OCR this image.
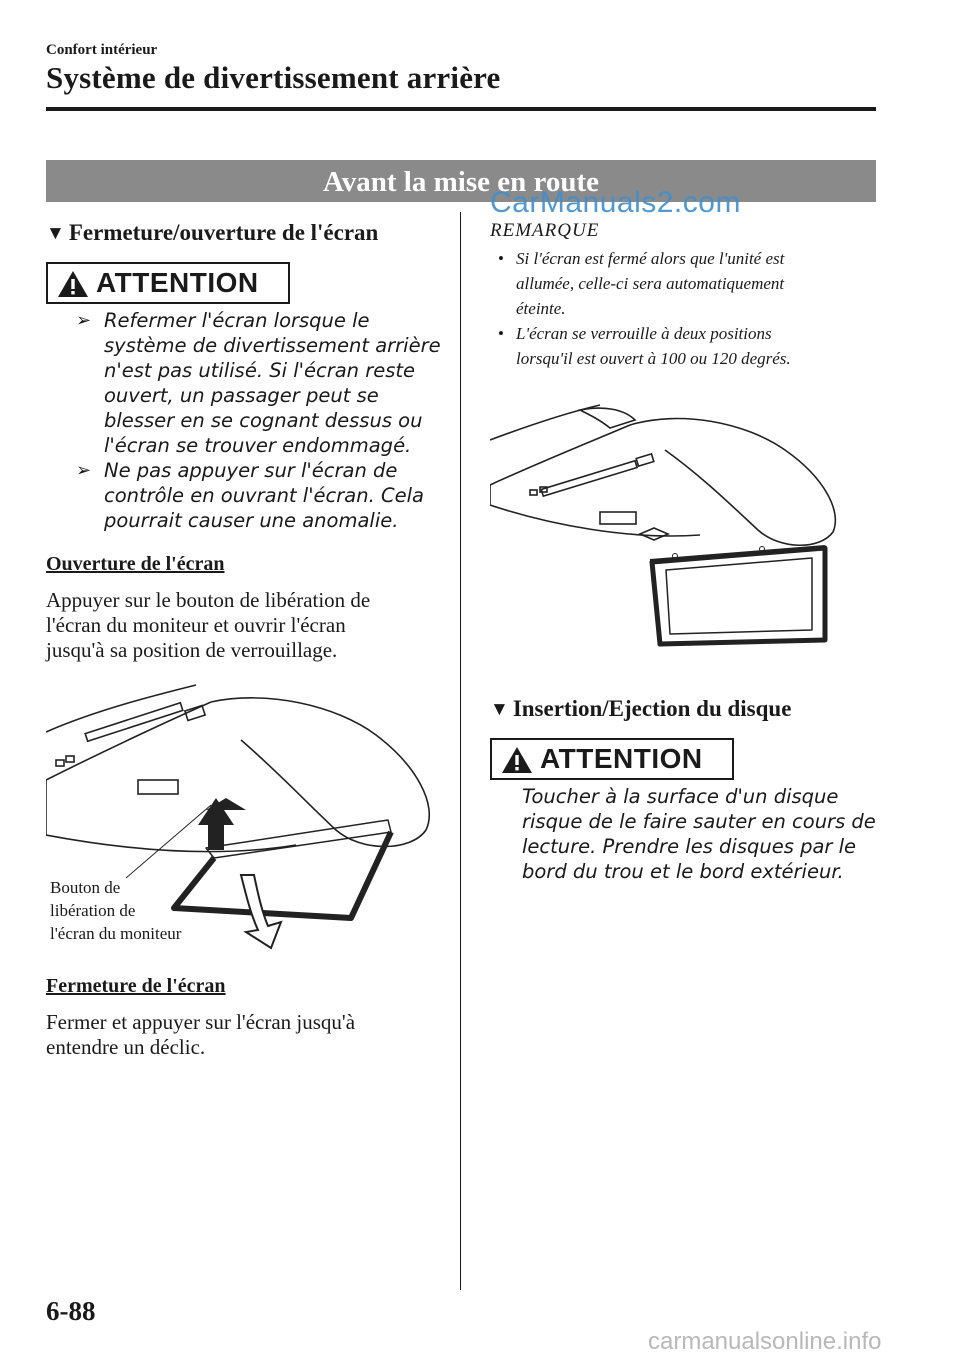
Confort intérieur
Système de divertissement arrière
Avant la mise en route
CarManuals2.com
▼ Fermeture/ouverture de l'écran
ATTENTION
➢ Refermer l'écran lorsque le
système de divertissement arrière
n'est pas utilisé. Si l'écran reste
ouvert, un passager peut se
blesser en se cognant dessus ou
l'écran se trouver endommagé.
➢ Ne pas appuyer sur l'écran de
contrôle en ouvrant l'écran. Cela
pourrait causer une anomalie.
Ouverture de l'écran
Appuyer sur le bouton de libération de
l'écran du moniteur et ouvrir l'écran
jusqu'à sa position de verrouillage.
Bouton de
libération de
l'écran du moniteur
Fermeture de l'écran
Fermer et appuyer sur l'écran jusqu'à
entendre un déclic.
REMARQUE
• Si l'écran est fermé alors que l'unité est
allumée, celle-ci sera automatiquement
éteinte.
• L'écran se verrouille à deux positions
lorsqu'il est ouvert à 100 ou 120 degrés.
▼ Insertion/Ejection du disque
ATTENTION
Toucher à la surface d'un disque
risque de le faire sauter en cours de
lecture. Prendre les disques par le
bord du trou et le bord extérieur.
6-88
carmanualsonline.info
